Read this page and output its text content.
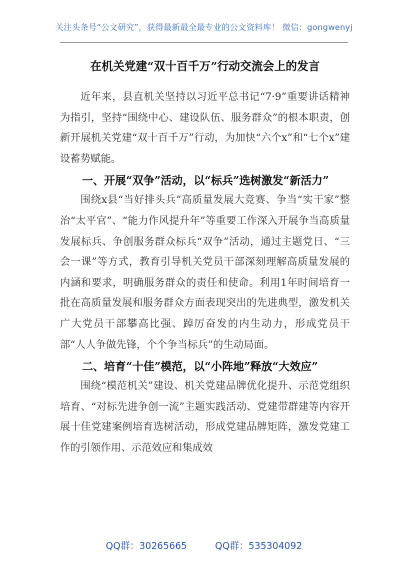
关注头条号“公文研究”，获得最新最全最专业的公文资料库！ 微信：gongwenyj
在机关党建“双十百千万”行动交流会上的发言

近年来，县直机关坚持以习近平总书记“7·9”重要讲话精神为指引，坚持“围绕中心、建设队伍、服务群众”的根本职责，创新开展机关党建“双十百千万”行动，为加快“六个x”和“七个x”建设蓄势赋能。

一、开展“双争”活动，以“标兵”选树激发“新活力”

围绕x县“当好排头兵”高质量发展大竞赛、争当“实干家”整治“太平官”、“能力作风提升年”等重要工作深入开展争当高质量发展标兵、争创服务群众标兵“双争”活动，通过主题党日、“三会一课”等方式，教育引导机关党员干部深刻理解高质量发展的内涵和要求，明确服务群众的责任和使命。利用1年时间培育一批在高质量发展和服务群众方面表现突出的先进典型，激发机关广大党员干部攀高比强、踔厉奋发的内生动力，形成党员干部“人人争做先锋，个个争当标兵”的生动局面。

二、培育“十佳”模范，以“小阵地”释放“大效应”

围绕“模范机关”建设、机关党建品牌优化提升、示范党组织培育、“对标先进争创一流”主题实践活动、党建带群建等内容开展十佳党建案例培育选树活动，形成党建品牌矩阵，激发党建工作的引领作用、示范效应和集成效

QQ群：30265665	QQ群：535304092
